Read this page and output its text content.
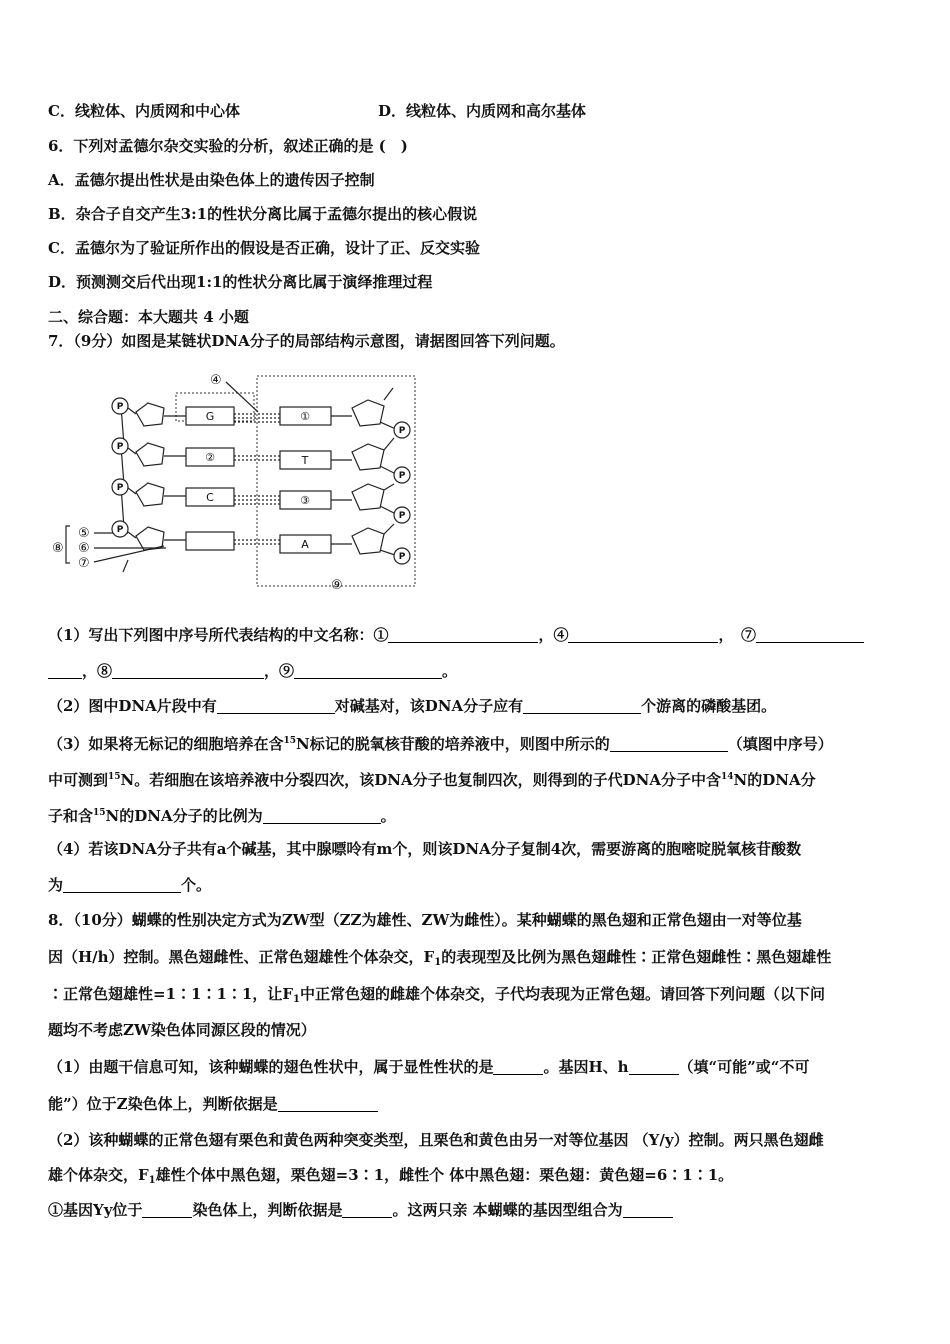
C．线粒体、内质网和中心体	D．线粒体、内质网和高尔基体
6．下列对孟德尔杂交实验的分析，叙述正确的是 (　)
A．孟德尔提出性状是由染色体上的遗传因子控制
B．杂合子自交产生3:1的性状分离比属于孟德尔提出的核心假说
C．孟德尔为了验证所作出的假设是否正确，设计了正、反交实验
D．预测测交后代出现1:1的性状分离比属于演绎推理过程
二、综合题：本大题共 4 小题
7．（9分）如图是某链状DNA分子的局部结构示意图，请据图回答下列问题。
G
②
C
①
T
③
A
P
P
P
P
P
P
P
P
④
⑤
⑥
⑦
⑧
⑨
（1）写出下列图中序号所代表结构的中文名称：①	，④	，　⑦
，⑧	，⑨	。
（2）图中DNA片段中有	对碱基对，该DNA分子应有	个游离的磷酸基团。
（3）如果将无标记的细胞培养在含$^{15}$N标记的脱氧核苷酸的培养液中，则图中所示的	（填图中序号）
中可测到$^{15}$N。若细胞在该培养液中分裂四次，该DNA分子也复制四次，则得到的子代DNA分子中含$^{14}$N的DNA分
子和含$^{15}$N的DNA分子的比例为	。
（4）若该DNA分子共有a个碱基，其中腺嘌呤有m个，则该DNA分子复制4次，需要游离的胞嘧啶脱氧核苷酸数
为	个。
8．（10分）蝴蝶的性别决定方式为ZW型（ZZ为雄性、ZW为雌性）。某种蝴蝶的黑色翅和正常色翅由一对等位基
因（H/h）控制。黑色翅雌性、正常色翅雄性个体杂交，$F_1$的表现型及比例为黑色翅雌性∶正常色翅雌性∶黑色翅雄性
∶正常色翅雄性=1∶1∶1∶1，让$F_1$中正常色翅的雌雄个体杂交，子代均表现为正常色翅。请回答下列问题（以下问
题均不考虑ZW染色体同源区段的情况）
（1）由题干信息可知，该种蝴蝶的翅色性状中，属于显性性状的是	。基因H、h	（填“可能”或“不可
能”）位于Z染色体上，判断依据是
（2）该种蝴蝶的正常色翅有栗色和黄色两种突变类型，且栗色和黄色由另一对等位基因 （Y/y）控制。两只黑色翅雌
雄个体杂交，$F_1$雄性个体中黑色翅，栗色翅=3∶1，雌性个 体中黑色翅：栗色翅：黄色翅=6∶1∶1。
①基因Yy位于	染色体上，判断依据是	。这两只亲 本蝴蝶的基因型组合为
